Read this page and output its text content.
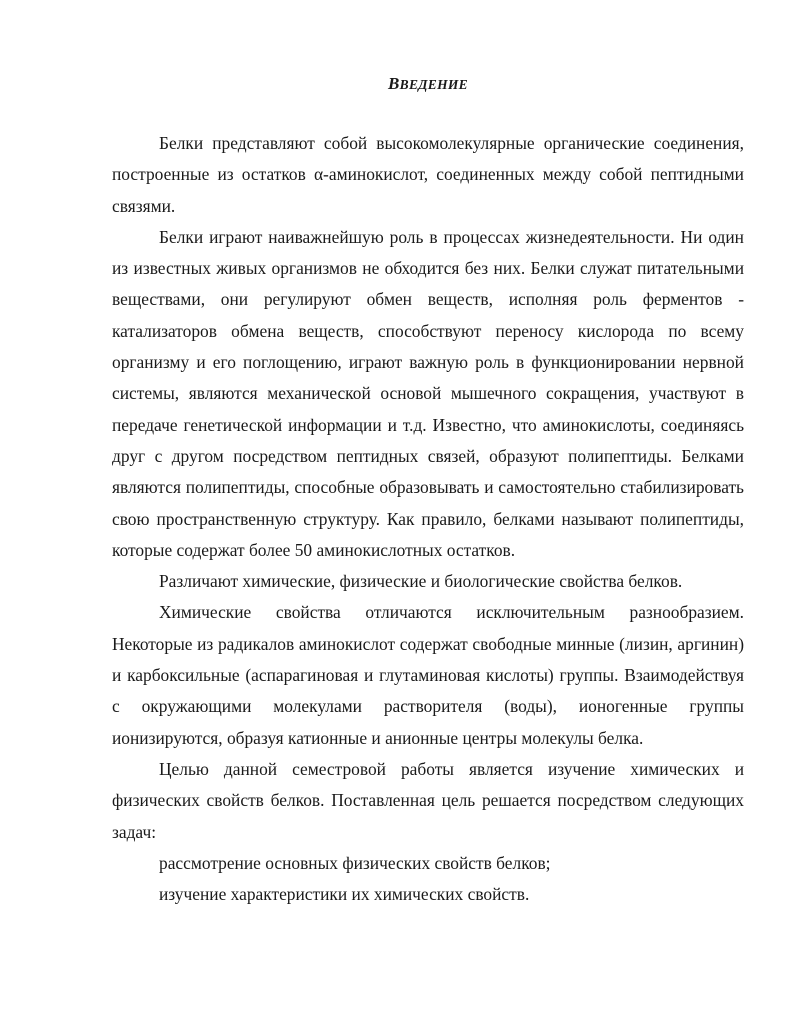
ВВЕДЕНИЕ

Белки представляют собой высокомолекулярные органические соединения, построенные из остатков α-аминокислот, соединенных между собой пептидными связями.

Белки играют наиважнейшую роль в процессах жизнедеятельности. Ни один из известных живых организмов не обходится без них. Белки служат питательными веществами, они регулируют обмен веществ, исполняя роль ферментов - катализаторов обмена веществ, способствуют переносу кислорода по всему организму и его поглощению, играют важную роль в функционировании нервной системы, являются механической основой мышечного сокращения, участвуют в передаче генетической информации и т.д. Известно, что аминокислоты, соединяясь друг с другом посредством пептидных связей, образуют полипептиды. Белками являются полипептиды, способные образовывать и самостоятельно стабилизировать свою пространственную структуру. Как правило, белками называют полипептиды, которые содержат более 50 аминокислотных остатков.

Различают химические, физические и биологические свойства белков.

Химические свойства отличаются исключительным разнообразием. Некоторые из радикалов аминокислот содержат свободные минные (лизин, аргинин) и карбоксильные (аспарагиновая и глутаминовая кислоты) группы. Взаимодействуя с окружающими молекулами растворителя (воды), ионогенные группы ионизируются, образуя катионные и анионные центры молекулы белка.

Целью данной семестровой работы является изучение химических и физических свойств белков. Поставленная цель решается посредством следующих задач:

рассмотрение основных физических свойств белков;

изучение характеристики их химических свойств.
